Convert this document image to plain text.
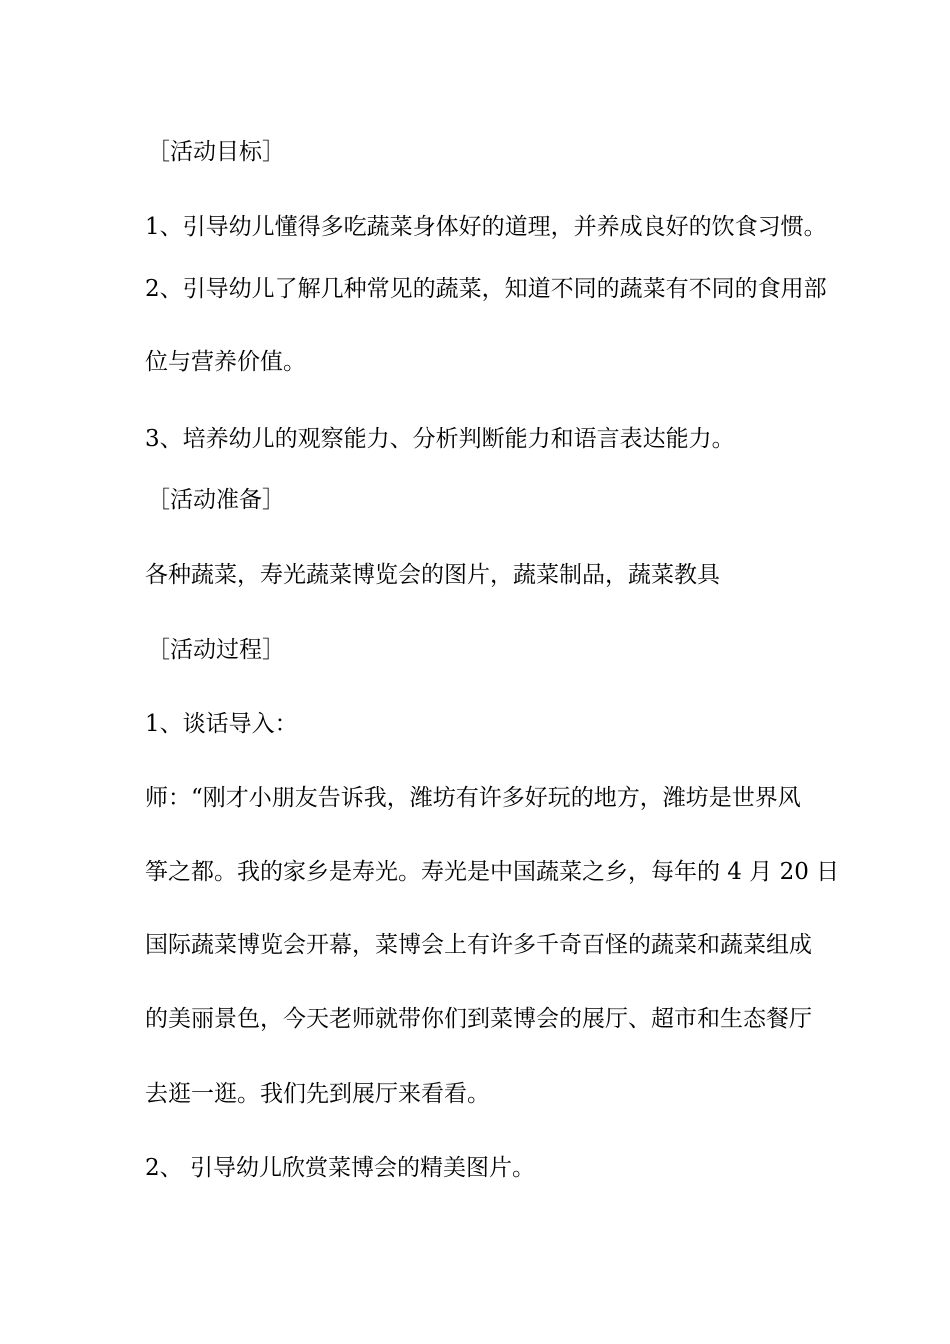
［活动目标］
1、引导幼儿懂得多吃蔬菜身体好的道理，并养成良好的饮食习惯。
2、引导幼儿了解几种常见的蔬菜，知道不同的蔬菜有不同的食用部
位与营养价值。
3、培养幼儿的观察能力、分析判断能力和语言表达能力。
［活动准备］
各种蔬菜，寿光蔬菜博览会的图片，蔬菜制品，蔬菜教具
［活动过程］
1、谈话导入：
师：“刚才小朋友告诉我，潍坊有许多好玩的地方，潍坊是世界风
筝之都。我的家乡是寿光。寿光是中国蔬菜之乡，每年的 4 月 20 日
国际蔬菜博览会开幕，菜博会上有许多千奇百怪的蔬菜和蔬菜组成
的美丽景色，今天老师就带你们到菜博会的展厅、超市和生态餐厅
去逛一逛。我们先到展厅来看看。
2、 引导幼儿欣赏菜博会的精美图片。
